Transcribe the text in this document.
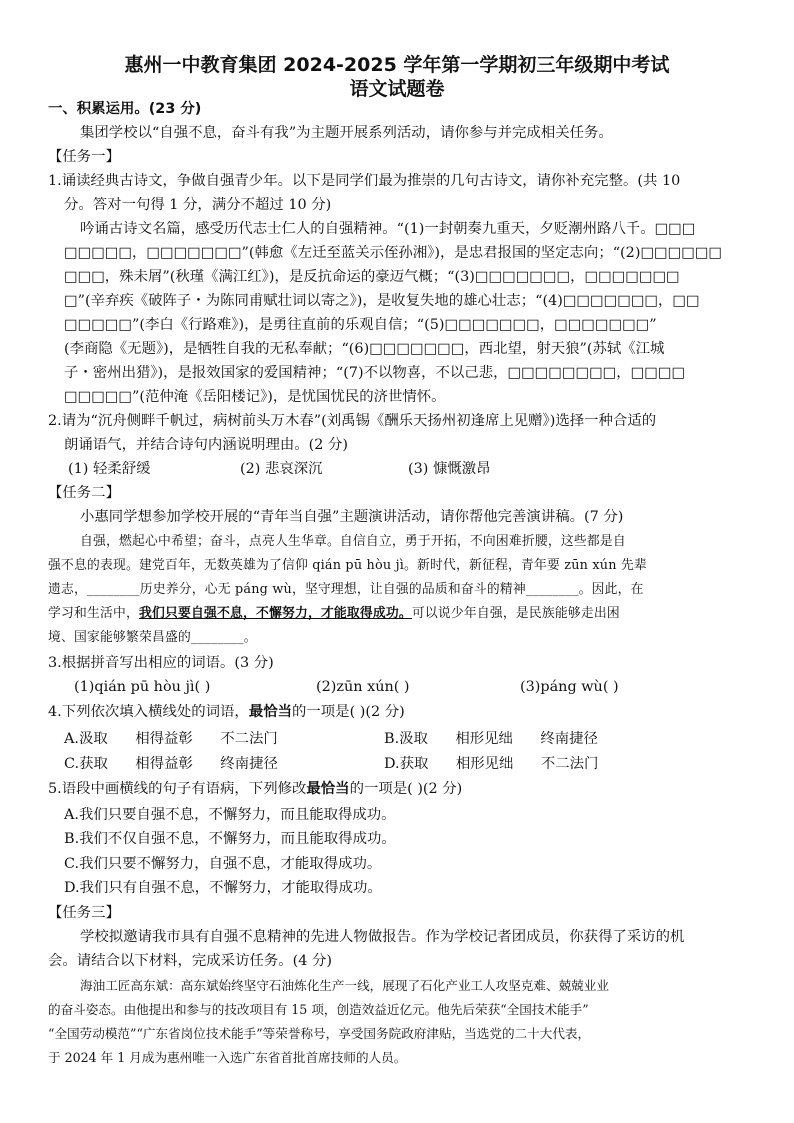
惠州一中教育集团 2024-2025 学年第一学期初三年级期中考试
语文试题卷
一、积累运用。(23 分)
集团学校以“自强不息，奋斗有我”为主题开展系列活动，请你参与并完成相关任务。
【任务一】
1.诵读经典古诗文，争做自强青少年。以下是同学们最为推崇的几句古诗文，请你补充完整。(共 10
分。答对一句得 1 分，满分不超过 10 分)
吟诵古诗文名篇，感受历代志士仁人的自强精神。“(1)一封朝奏九重天，夕贬潮州路八千。□□□
□□□□□，□□□□□□□”(韩愈《左迁至蓝关示侄孙湘》)，是忠君报国的坚定志向；“(2)□□□□□□
□□□，殊未屑”(秋瑾《满江红》)，是反抗命运的豪迈气概；“(3)□□□□□□□，□□□□□□□
□”(辛弃疾《破阵子・为陈同甫赋壮词以寄之》)，是收复失地的雄心壮志；“(4)□□□□□□□，□□
□□□□□”(李白《行路难》)，是勇往直前的乐观自信；“(5)□□□□□□□，□□□□□□□”
(李商隐《无题》)，是牺牲自我的无私奉献；“(6)□□□□□□□，西北望，射天狼”(苏轼《江城
子・密州出猎》)，是报效国家的爱国精神；“(7)不以物喜，不以己悲，□□□□□□□□，□□□□
□□□□□”(范仲淹《岳阳楼记》)，是忧国忧民的济世情怀。
2.请为“沉舟侧畔千帆过，病树前头万木春”(刘禹锡《酬乐天扬州初逢席上见赠》)选择一种合适的
朗诵语气，并结合诗句内涵说明理由。(2 分)
(1) 轻柔舒缓	(2) 悲哀深沉	(3) 慷慨激昂
【任务二】
小惠同学想参加学校开展的“青年当自强”主题演讲活动，请你帮他完善演讲稿。(7 分)
自强，燃起心中希望；奋斗，点亮人生华章。自信自立，勇于开拓，不向困难折腰，这些都是自
强不息的表现。建党百年，无数英雄为了信仰 qián pū hòu jì。新时代，新征程，青年要 zūn xún 先辈
遗志，________历史养分，心无 páng wù，坚守理想，让自强的品质和奋斗的精神________。因此，在
学习和生活中，我们只要自强不息，不懈努力，才能取得成功。可以说少年自强，是民族能够走出困
境、国家能够繁荣昌盛的________。
3.根据拼音写出相应的词语。(3 分)
(1)qián pū hòu jì( )	(2)zūn xún( )	(3)páng wù( )
4.下列依次填入横线处的词语，最恰当的一项是( )(2 分)
A.汲取      相得益彰      不二法门	B.汲取      相形见绌      终南捷径
C.获取      相得益彰      终南捷径	D.获取      相形见绌      不二法门
5.语段中画横线的句子有语病，下列修改最恰当的一项是( )(2 分)
A.我们只要自强不息，不懈努力，而且能取得成功。
B.我们不仅自强不息，不懈努力，而且能取得成功。
C.我们只要不懈努力，自强不息，才能取得成功。
D.我们只有自强不息，不懈努力，才能取得成功。
【任务三】
学校拟邀请我市具有自强不息精神的先进人物做报告。作为学校记者团成员，你获得了采访的机
会。请结合以下材料，完成采访任务。(4 分)
海油工匠高东斌：高东斌始终坚守石油炼化生产一线，展现了石化产业工人攻坚克难、兢兢业业
的奋斗姿态。由他提出和参与的技改项目有 15 项，创造效益近亿元。他先后荣获“全国技术能手”
“全国劳动模范”“广东省岗位技术能手”等荣誉称号，享受国务院政府津贴，当选党的二十大代表，
于 2024 年 1 月成为惠州唯一入选广东省首批首席技师的人员。
